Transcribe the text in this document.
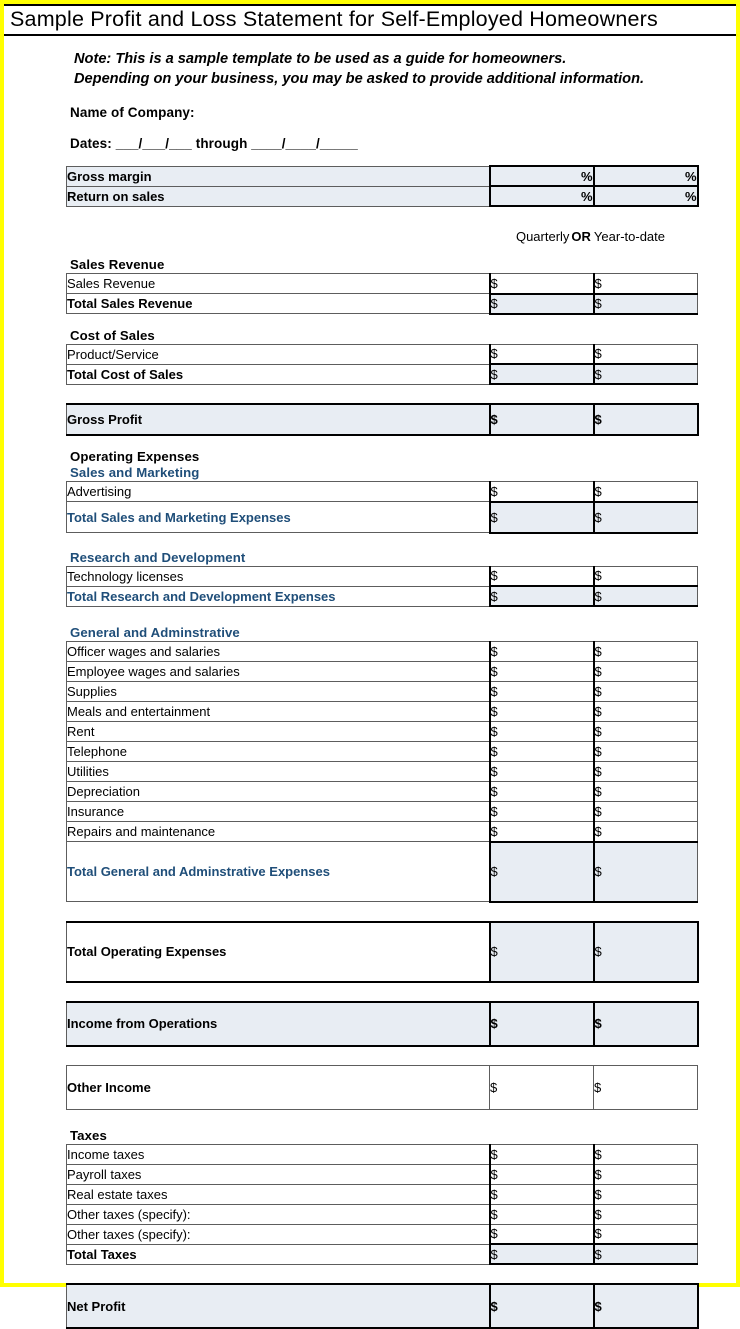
Sample Profit and Loss Statement for Self-Employed Homeowners
Note: This is a sample template to be used as a guide for homeowners.
Depending on your business, you may be asked to provide additional information.
Name of Company:
Dates: ___/___/___ through ____/____/_____
Gross margin	%	%
Return on sales	%	%
Quarterly OR Year-to-date
Sales Revenue
Sales Revenue	$	$
Total Sales Revenue	$	$
Cost of Sales
Product/Service	$	$
Total Cost of Sales	$	$
Gross Profit	$	$
Operating Expenses
Sales and Marketing
Advertising	$	$
Total Sales and Marketing Expenses	$	$
Research and Development
Technology licenses	$	$
Total Research and Development Expenses	$	$
General and Adminstrative
Officer wages and salaries	$	$
Employee wages and salaries	$	$
Supplies	$	$
Meals and entertainment	$	$
Rent	$	$
Telephone	$	$
Utilities	$	$
Depreciation	$	$
Insurance	$	$
Repairs and maintenance	$	$
Total General and Adminstrative Expenses	$	$
Total Operating Expenses	$	$
Income from Operations	$	$
Other Income	$	$
Taxes
Income taxes	$	$
Payroll taxes	$	$
Real estate taxes	$	$
Other taxes (specify):	$	$
Other taxes (specify):	$	$
Total Taxes	$	$
Net Profit	$	$
